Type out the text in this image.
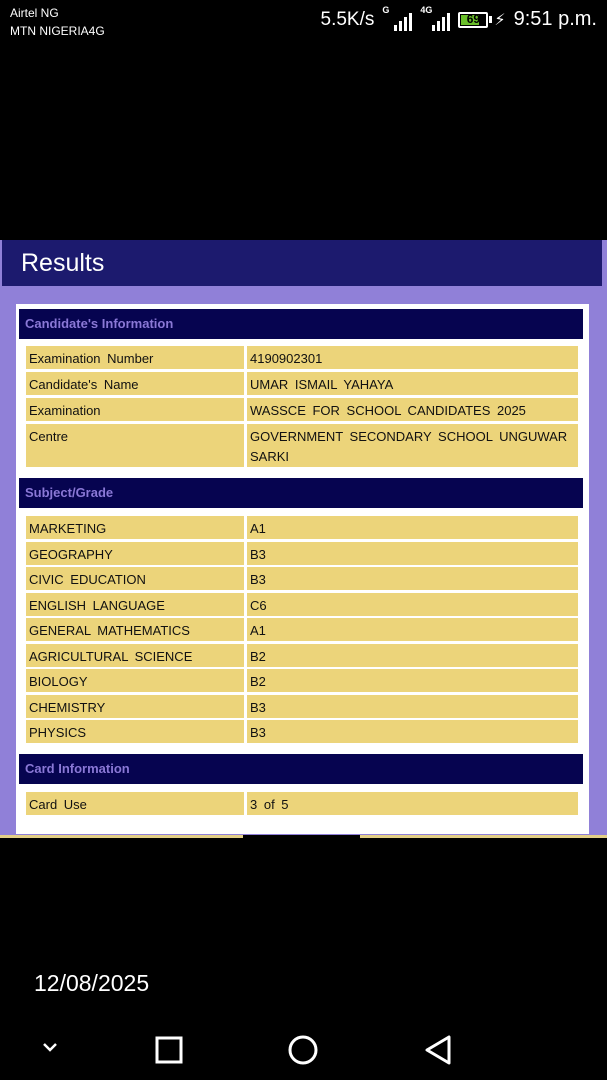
Airtel NG
MTN NIGERIA4G
5.5K/s G	4G
69 ⚡︎ 9:51 p.m.
Results
Candidate's Information
Examination Number	4190902301
Candidate's Name	UMAR ISMAIL YAHAYA
Examination	WASSCE FOR SCHOOL CANDIDATES 2025
Centre	GOVERNMENT SECONDARY SCHOOL UNGUWAR SARKI
Subject/Grade
MARKETING	A1
GEOGRAPHY	B3
CIVIC EDUCATION	B3
ENGLISH LANGUAGE	C6
GENERAL MATHEMATICS	A1
AGRICULTURAL SCIENCE	B2
BIOLOGY	B2
CHEMISTRY	B3
PHYSICS	B3
Card Information
Card Use	3 of 5
12/08/2025
